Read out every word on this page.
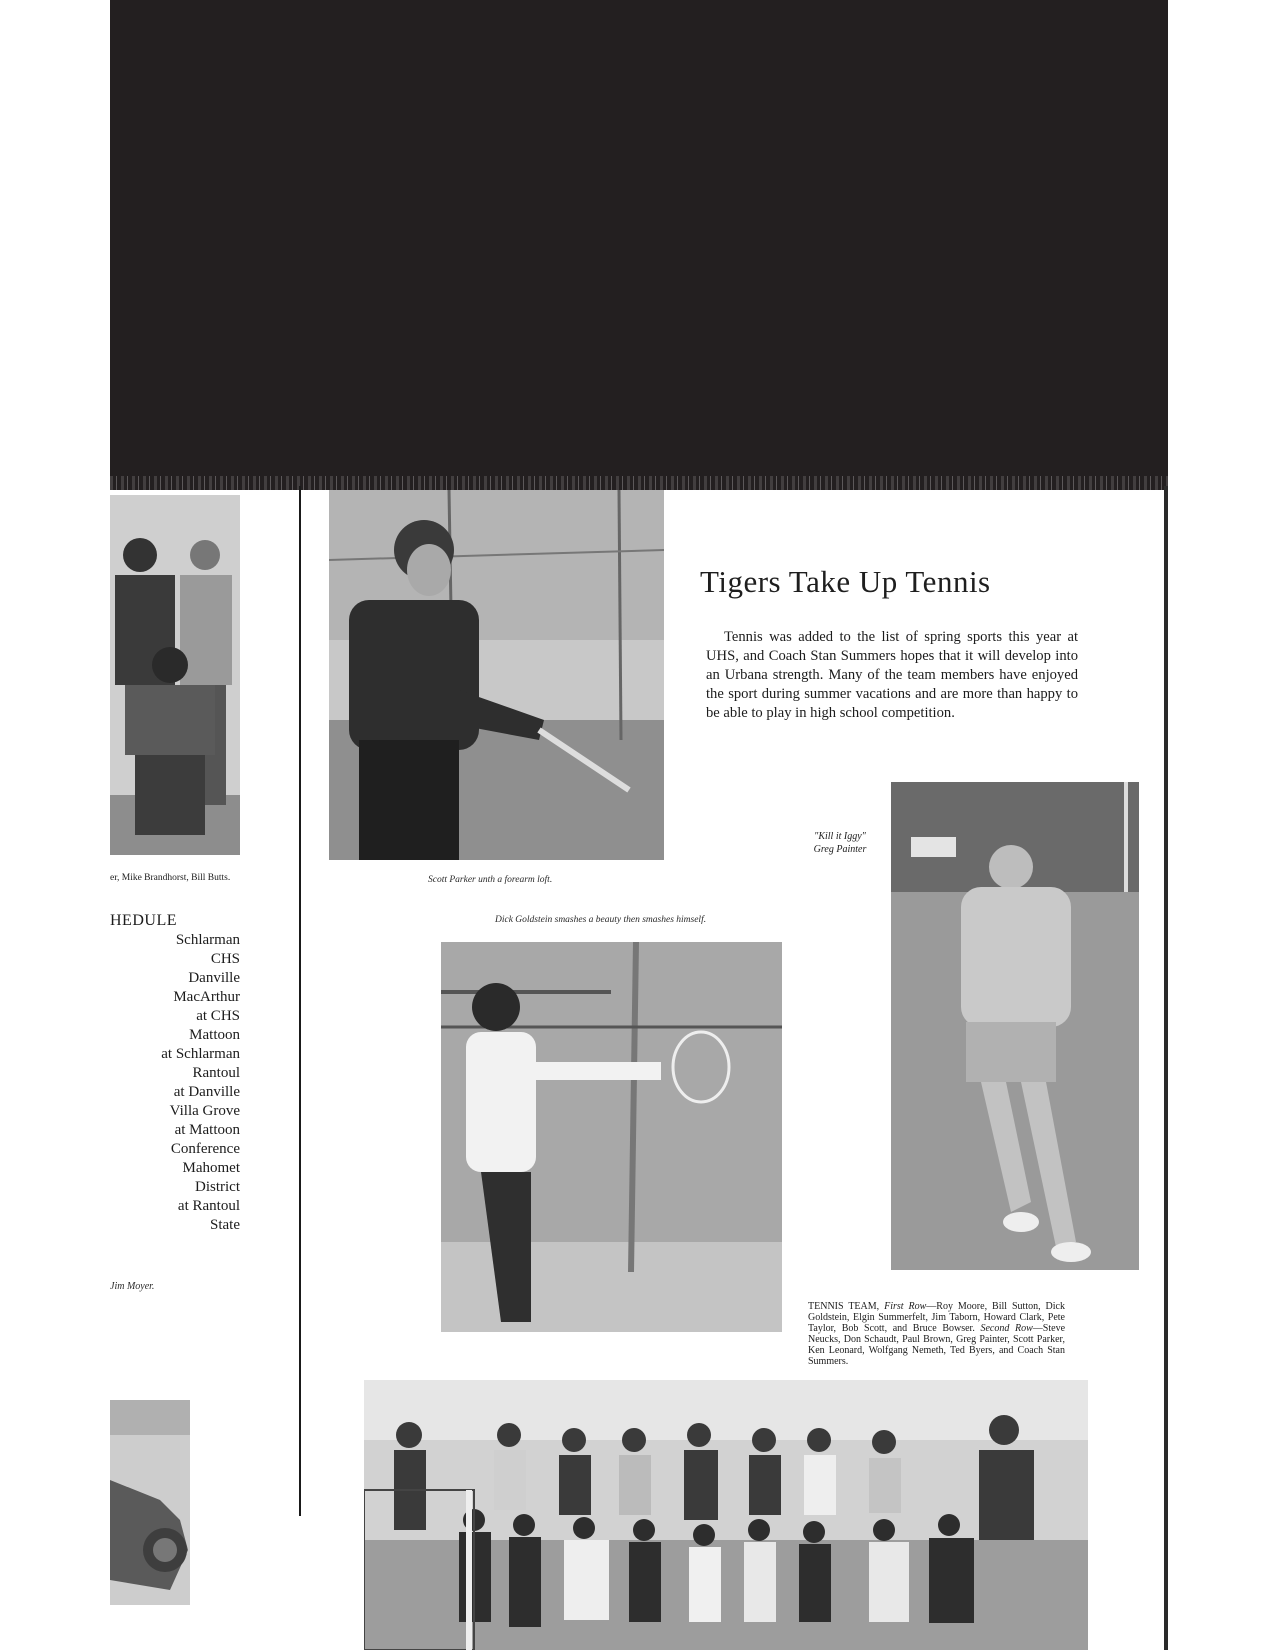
er, Mike Brandhorst, Bill Butts.
HEDULE
Schlarman
CHS
Danville
MacArthur
at CHS
Mattoon
at Schlarman
Rantoul
at Danville
Villa Grove
at Mattoon
Conference
Mahomet
District
at Rantoul
State
Jim Moyer.
Scott Parker unth a forearm loft.
Dick Goldstein smashes a beauty then smashes himself.
Tigers Take Up Tennis
Tennis was added to the list of spring sports this year at UHS, and Coach Stan Summers hopes that it will develop into an Urbana strength. Many of the team members have enjoyed the sport during summer vacations and are more than happy to be able to play in high school competition.
"Kill it Iggy"
Greg Painter
TENNIS TEAM, First Row—Roy Moore, Bill Sutton, Dick Goldstein, Elgin Summerfelt, Jim Taborn, Howard Clark, Pete Taylor, Bob Scott, and Bruce Bowser. Second Row—Steve Neucks, Don Schaudt, Paul Brown, Greg Painter, Scott Parker, Ken Leonard, Wolfgang Nemeth, Ted Byers, and Coach Stan Summers.
